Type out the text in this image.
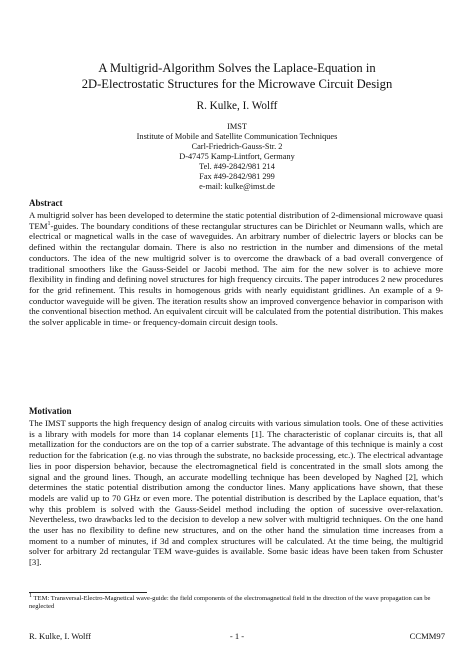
A Multigrid-Algorithm Solves the Laplace-Equation in
2D-Electrostatic Structures for the Microwave Circuit Design
R. Kulke, I. Wolff
IMST
Institute of Mobile and Satellite Communication Techniques
Carl-Friedrich-Gauss-Str. 2
D-47475 Kamp-Lintfort, Germany
Tel. #49-2842/981 214
Fax #49-2842/981 299
e-mail: kulke@imst.de
Abstract

A multigrid solver has been developed to determine the static potential distribution of 2-dimensional microwave quasi TEM$^1$-guides. The boundary conditions of these rectangular structures can be Dirichlet or Neumann walls, which are electrical or magnetical walls in the case of waveguides. An arbitrary number of dielectric layers or blocks can be defined within the rectangular domain. There is also no restriction in the number and dimensions of the metal conductors. The idea of the new multigrid solver is to overcome the drawback of a bad overall convergence of traditional smoothers like the Gauss-Seidel or Jacobi method. The aim for the new solver is to achieve more flexibility in finding and defining novel structures for high frequency circuits. The paper introduces 2 new procedures for the grid refinement. This results in homogenous grids with nearly equidistant gridlines. An example of a 9-conductor waveguide will be given. The iteration results show an improved convergence behavior in comparison with the conventional bisection method. An equivalent circuit will be calculated from the potential distribution. This makes the solver applicable in time- or frequency-domain circuit design tools.

Motivation

The IMST supports the high frequency design of analog circuits with various simulation tools. One of these activities is a library with models for more than 14 coplanar elements [1]. The characteristic of coplanar circuits is, that all metallization for the conductors are on the top of a carrier substrate. The advantage of this technique is mainly a cost reduction for the fabrication (e.g. no vias through the substrate, no backside processing, etc.). The electrical advantage lies in poor dispersion behavior, because the electromagnetical field is concentrated in the small slots among the signal and the ground lines. Though, an accurate modelling technique has been developed by Naghed [2], which determines the static potential distribution among the conductor lines. Many applications have shown, that these models are valid up to 70 GHz or even more. The potential distribution is described by the Laplace equation, that’s why this problem is solved with the Gauss-Seidel method including the option of sucessive over-relaxation. Nevertheless, two drawbacks led to the decision to develop a new solver with multigrid techniques. On the one hand the user has no flexibility to define new structures, and on the other hand the simulation time increases from a moment to a number of minutes, if 3d and complex structures will be calculated. At the time being, the multigrid solver for arbitrary 2d rectangular TEM wave-guides is available. Some basic ideas have been taken from Schuster [3].

$^1$ TEM: Transversal-Electro-Magnetical wave-guide: the field components of the electromagnetical field in the direction of the wave propagation can be neglected

R. Kulke, I. Wolff	- 1 -	CCMM97
